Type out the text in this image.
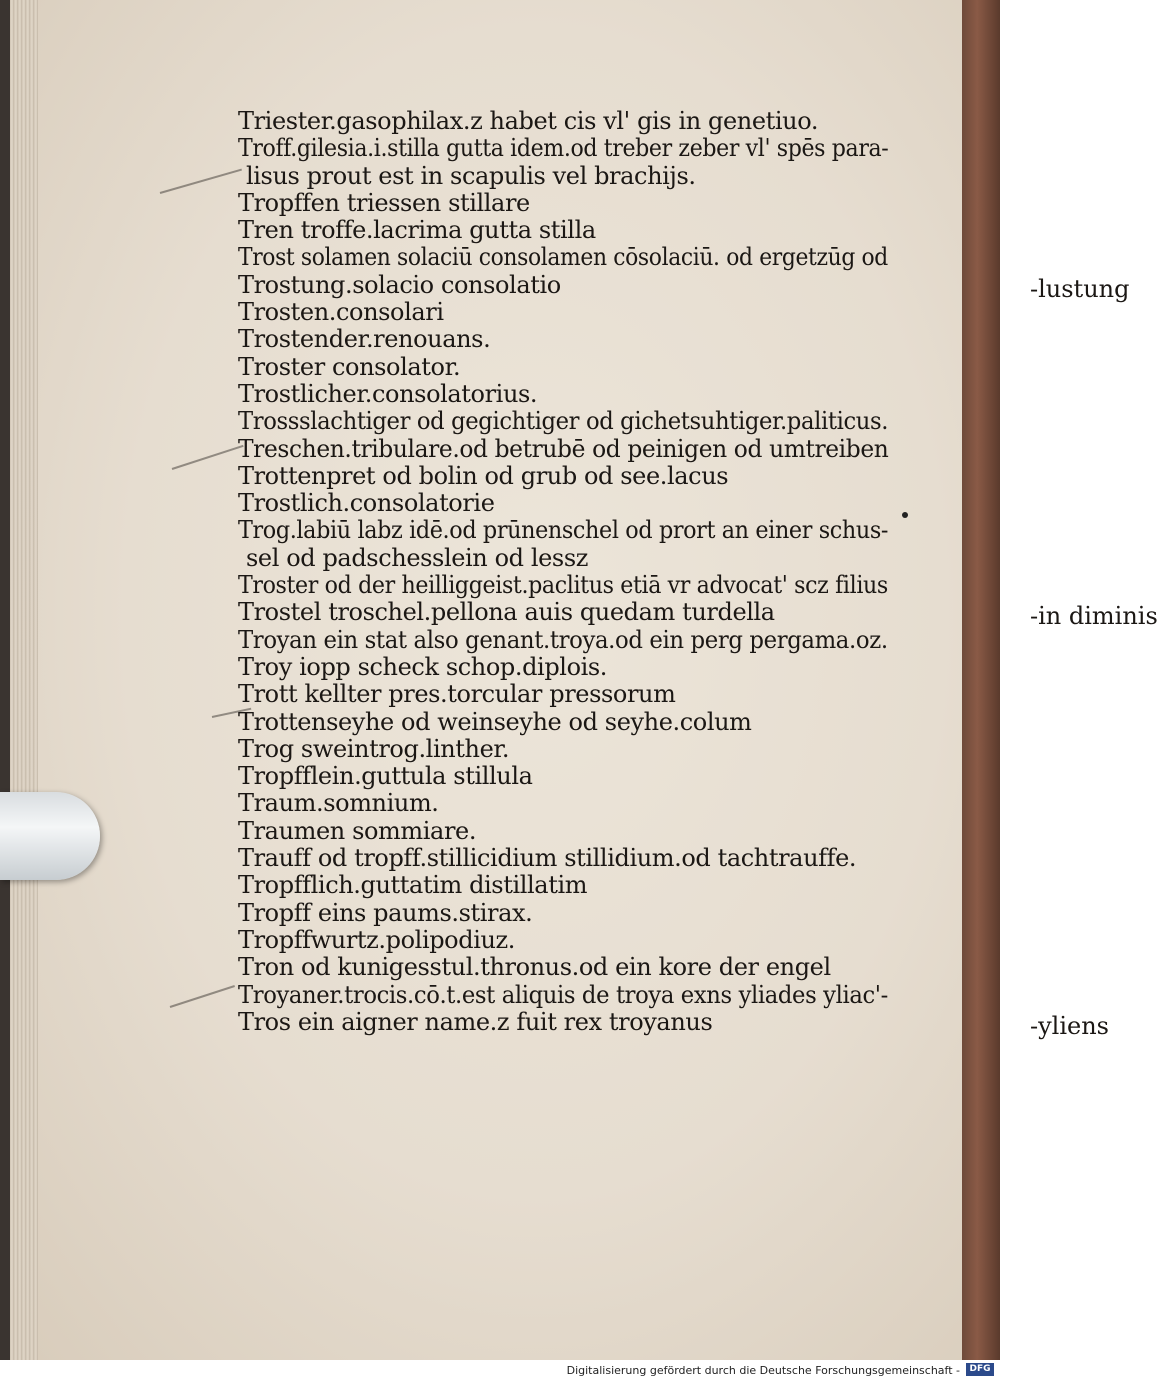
Triester.gasophilax.z habet cis vl' gis in genetiuo.
Troff.gilesia.i.stilla gutta idem.od treber zeber vl' spēs para-
lisus prout est in scapulis vel brachijs.
Tropffen triessen stillare
Tren troffe.lacrima gutta stilla
Trost solamen solaciū consolamen cōsolaciū. od ergetzūg od
Trostung.solacio consolatio	-lustung
Trosten.consolari
Trostender.renouans.
Troster consolator.
Trostlicher.consolatorius.
Trossslachtiger od gegichtiger od gichetsuhtiger.paliticus.
Treschen.tribulare.od betrubē od peinigen od umtreiben
Trottenpret od bolin od grub od see.lacus
Trostlich.consolatorie
Trog.labiū labz idē.od prūnenschel od prort an einer schus-
sel od padschesslein od lessz
Troster od der heilliggeist.paclitus etiā vr advocat' scz filius
Trostel troschel.pellona auis quedam turdella	-in diminis
Troyan ein stat also genant.troya.od ein perg pergama.oz.
Troy iopp scheck schop.diplois.
Trott kellter pres.torcular pressorum
Trottenseyhe od weinseyhe od seyhe.colum
Trog sweintrog.linther.
Tropfflein.guttula stillula
Traum.somnium.
Traumen sommiare.
Trauff od tropff.stillicidium stillidium.od tachtrauffe.
Tropfflich.guttatim distillatim
Tropff eins paums.stirax.
Tropffwurtz.polipodiuz.
Tron od kunigesstul.thronus.od ein kore der engel
Troyaner.trocis.cō.t.est aliquis de troya exns yliades yliac'-
Tros ein aigner name.z fuit rex troyanus	-yliens
Digitalisierung gefördert durch die Deutsche Forschungsgemeinschaft -	DFG
